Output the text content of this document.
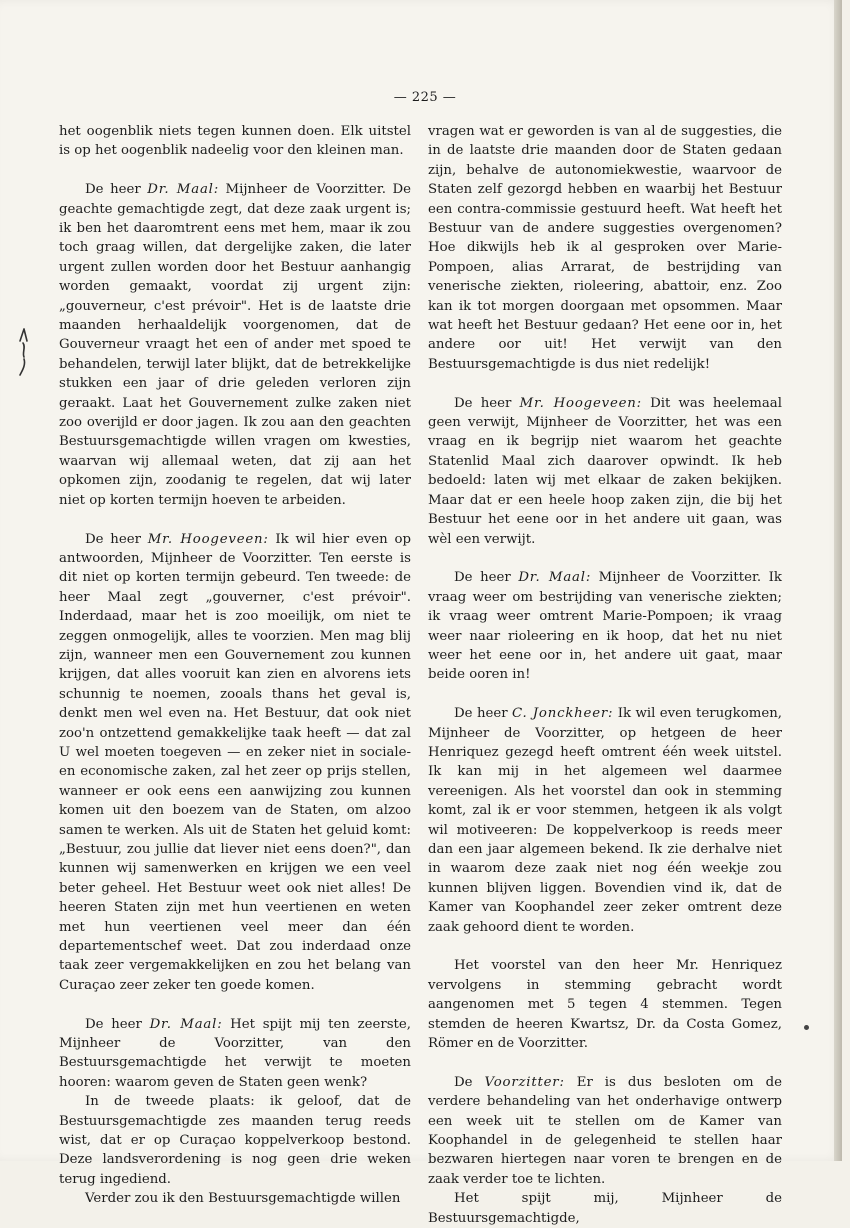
— 225 —

het oogenblik niets tegen kunnen doen. Elk uitstel is op het oogenblik nadeelig voor den kleinen man.

De heer Dr. Maal: Mijnheer de Voorzitter. De geachte gemachtigde zegt, dat deze zaak urgent is; ik ben het daaromtrent eens met hem, maar ik zou toch graag willen, dat dergelijke zaken, die later urgent zullen worden door het Bestuur aanhangig worden gemaakt, voordat zij urgent zijn: „gouverneur, c'est prévoir". Het is de laatste drie maanden herhaaldelijk voorgenomen, dat de Gouverneur vraagt het een of ander met spoed te behandelen, terwijl later blijkt, dat de betrekkelijke stukken een jaar of drie geleden verloren zijn geraakt. Laat het Gouvernement zulke zaken niet zoo overijld er door jagen. Ik zou aan den geachten Bestuursgemachtigde willen vragen om kwesties, waarvan wij allemaal weten, dat zij aan het opkomen zijn, zoodanig te regelen, dat wij later niet op korten termijn hoeven te arbeiden.

De heer Mr. Hoogeveen: Ik wil hier even op antwoorden, Mijnheer de Voorzitter. Ten eerste is dit niet op korten termijn gebeurd. Ten tweede: de heer Maal zegt „gouverner, c'est prévoir". Inderdaad, maar het is zoo moeilijk, om niet te zeggen onmogelijk, alles te voorzien. Men mag blij zijn, wanneer men een Gouvernement zou kunnen krijgen, dat alles vooruit kan zien en alvorens iets schunnig te noemen, zooals thans het geval is, denkt men wel even na. Het Bestuur, dat ook niet zoo'n ontzettend gemakkelijke taak heeft — dat zal U wel moeten toegeven — en zeker niet in sociale- en economische zaken, zal het zeer op prijs stellen, wanneer er ook eens een aanwijzing zou kunnen komen uit den boezem van de Staten, om alzoo samen te werken. Als uit de Staten het geluid komt: „Bestuur, zou jullie dat liever niet eens doen?", dan kunnen wij samenwerken en krijgen we een veel beter geheel. Het Bestuur weet ook niet alles! De heeren Staten zijn met hun veertienen en weten met hun veertienen veel meer dan één departementschef weet. Dat zou inderdaad onze taak zeer vergemakkelijken en zou het belang van Curaçao zeer zeker ten goede komen.

De heer Dr. Maal: Het spijt mij ten zeerste, Mijnheer de Voorzitter, van den Bestuursgemachtigde het verwijt te moeten hooren: waarom geven de Staten geen wenk?

In de tweede plaats: ik geloof, dat de Bestuursgemachtigde zes maanden terug reeds wist, dat er op Curaçao koppelverkoop bestond. Deze landsverordening is nog geen drie weken terug ingediend.

Verder zou ik den Bestuursgemachtigde willen

vragen wat er geworden is van al de suggesties, die in de laatste drie maanden door de Staten gedaan zijn, behalve de autonomiekwestie, waarvoor de Staten zelf gezorgd hebben en waarbij het Bestuur een contra-commissie gestuurd heeft. Wat heeft het Bestuur van de andere suggesties overgenomen? Hoe dikwijls heb ik al gesproken over Marie-Pompoen, alias Arrarat, de bestrijding van venerische ziekten, rioleering, abattoir, enz. Zoo kan ik tot morgen doorgaan met opsommen. Maar wat heeft het Bestuur gedaan? Het eene oor in, het andere oor uit! Het verwijt van den Bestuursgemachtigde is dus niet redelijk!

De heer Mr. Hoogeveen: Dit was heelemaal geen verwijt, Mijnheer de Voorzitter, het was een vraag en ik begrijp niet waarom het geachte Statenlid Maal zich daarover opwindt. Ik heb bedoeld: laten wij met elkaar de zaken bekijken. Maar dat er een heele hoop zaken zijn, die bij het Bestuur het eene oor in het andere uit gaan, was wèl een verwijt.

De heer Dr. Maal: Mijnheer de Voorzitter. Ik vraag weer om bestrijding van venerische ziekten; ik vraag weer omtrent Marie-Pompoen; ik vraag weer naar rioleering en ik hoop, dat het nu niet weer het eene oor in, het andere uit gaat, maar beide ooren in!

De heer C. Jonckheer: Ik wil even terugkomen, Mijnheer de Voorzitter, op hetgeen de heer Henriquez gezegd heeft omtrent één week uitstel. Ik kan mij in het algemeen wel daarmee vereenigen. Als het voorstel dan ook in stemming komt, zal ik er voor stemmen, hetgeen ik als volgt wil motiveeren: De koppelverkoop is reeds meer dan een jaar algemeen bekend. Ik zie derhalve niet in waarom deze zaak niet nog één weekje zou kunnen blijven liggen. Bovendien vind ik, dat de Kamer van Koophandel zeer zeker omtrent deze zaak gehoord dient te worden.

Het voorstel van den heer Mr. Henriquez vervolgens in stemming gebracht wordt aangenomen met 5 tegen 4 stemmen. Tegen stemden de heeren Kwartsz, Dr. da Costa Gomez, Römer en de Voorzitter.

De Voorzitter: Er is dus besloten om de verdere behandeling van het onderhavige ontwerp een week uit te stellen om de Kamer van Koophandel in de gelegenheid te stellen haar bezwaren hiertegen naar voren te brengen en de zaak verder toe te lichten.

Het spijt mij, Mijnheer de Bestuursgemachtigde,
